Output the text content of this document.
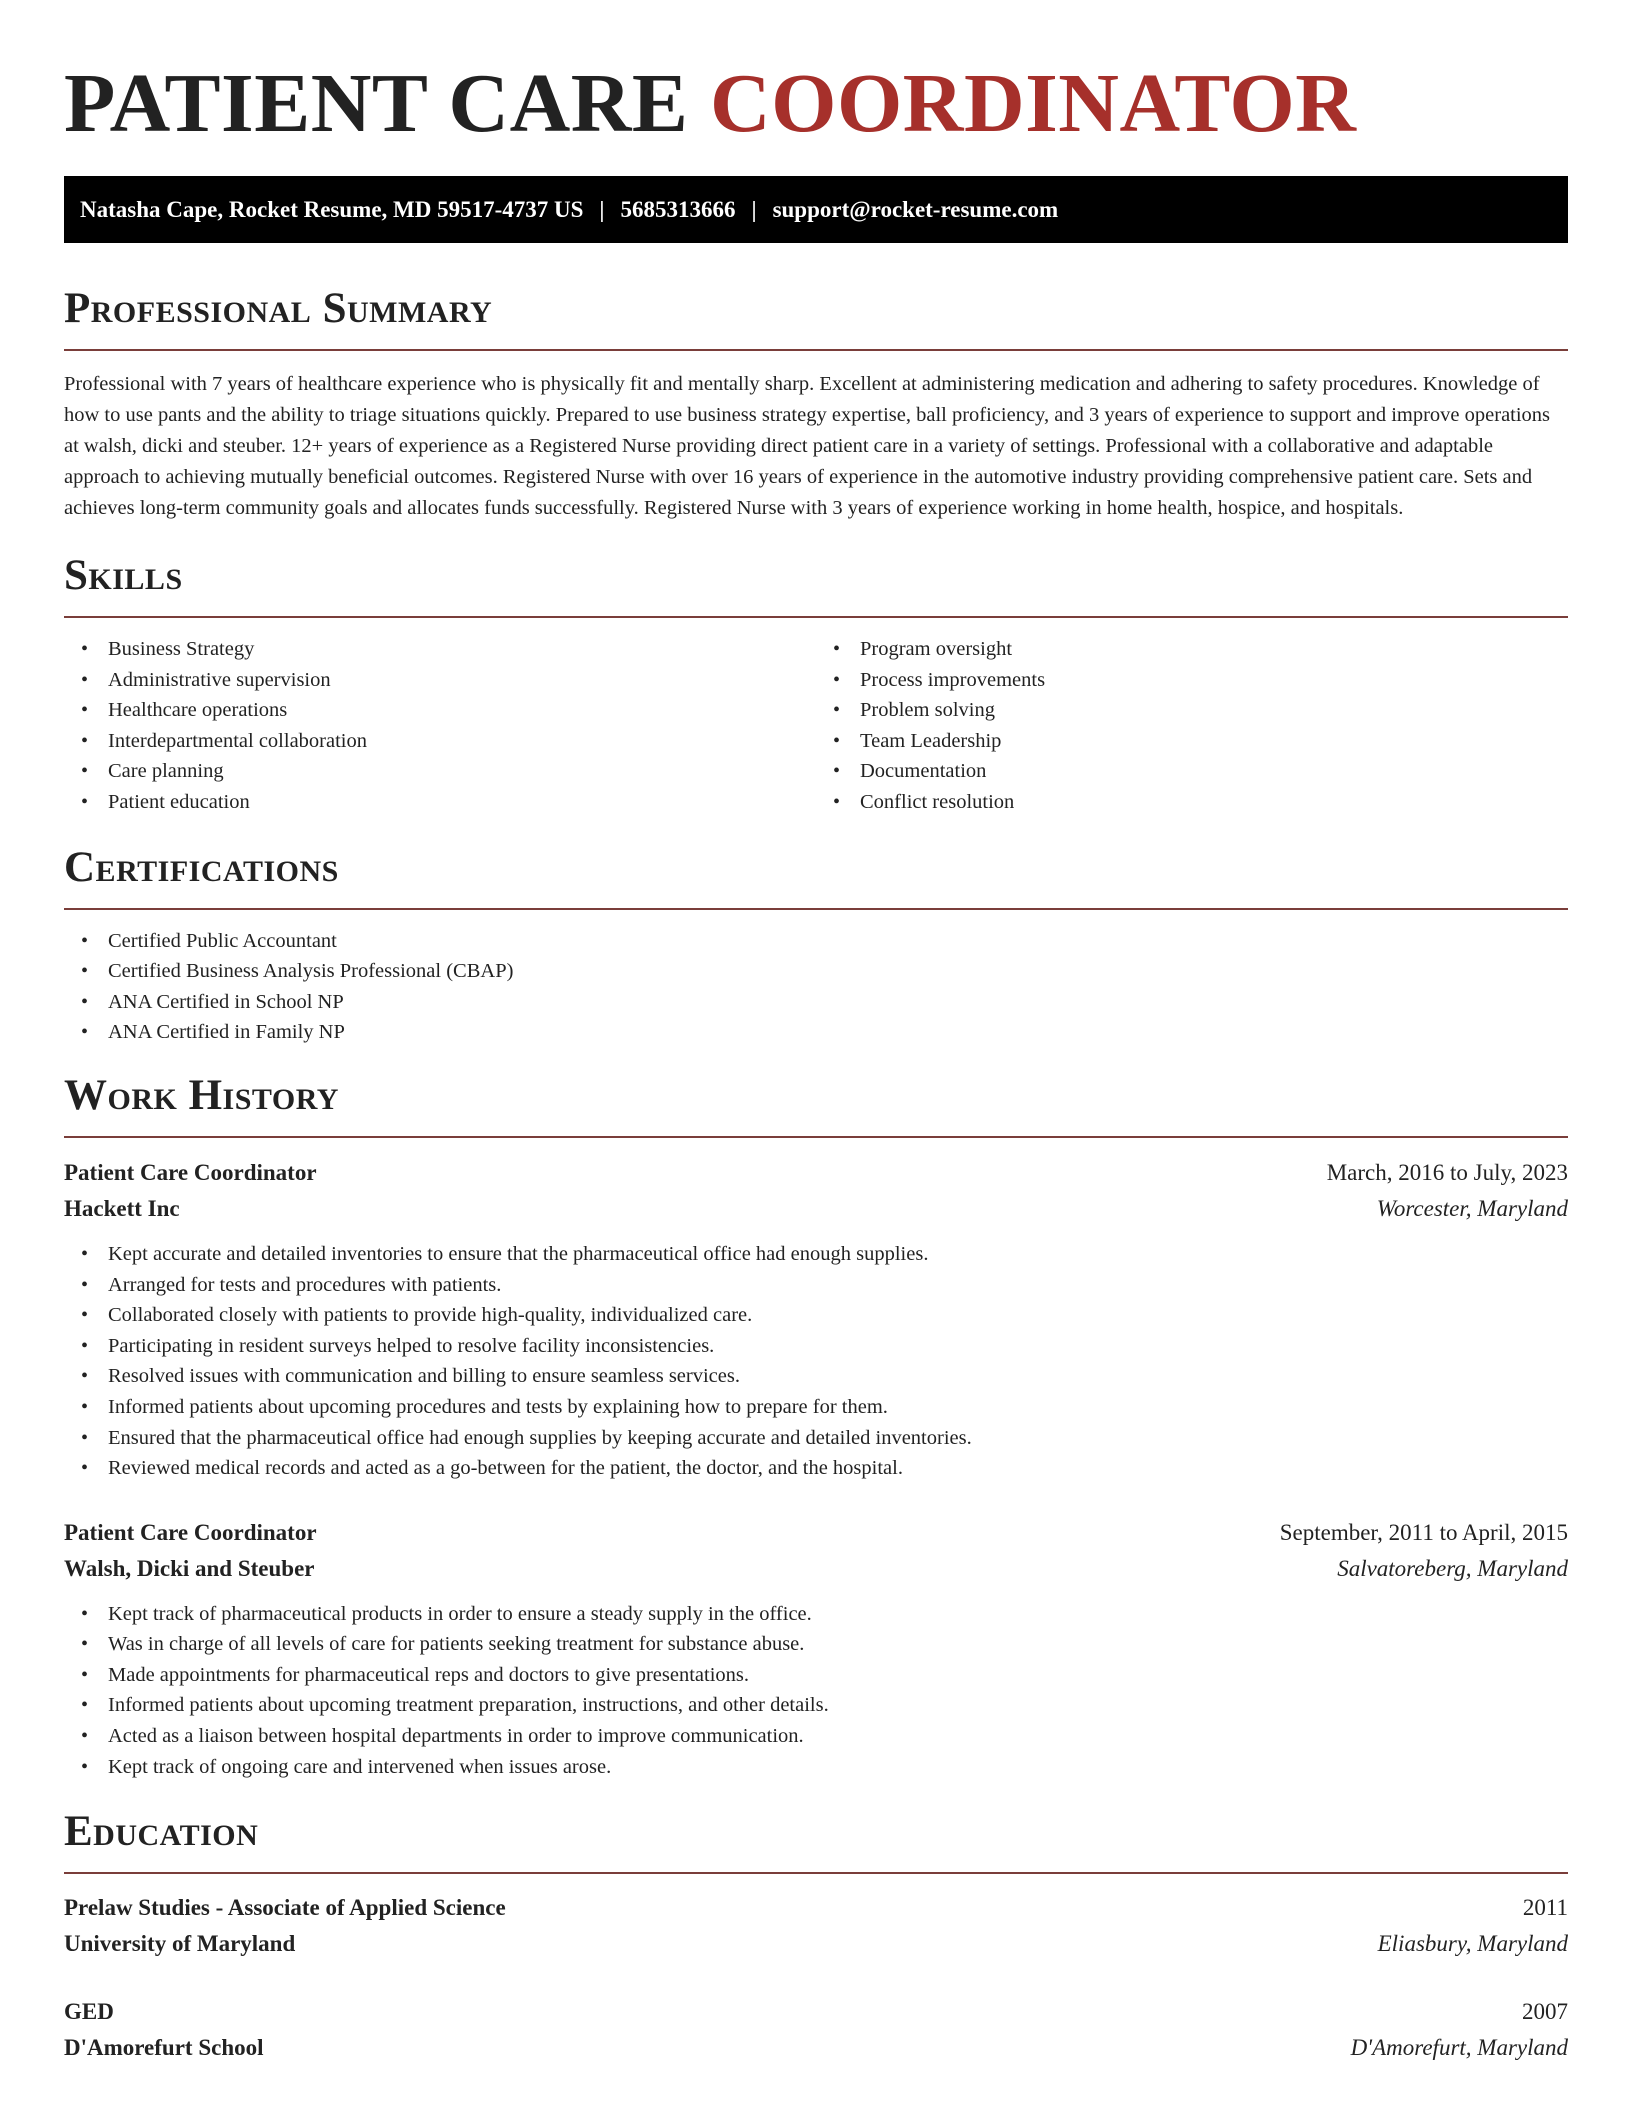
PATIENT CARE COORDINATOR
Natasha Cape, Rocket Resume, MD 59517-4737 US | 5685313666 | support@rocket-resume.com
Professional Summary

Professional with 7 years of healthcare experience who is physically fit and mentally sharp. Excellent at administering medication and adhering to safety procedures. Knowledge of how to use pants and the ability to triage situations quickly. Prepared to use business strategy expertise, ball proficiency, and 3 years of experience to support and improve operations at walsh, dicki and steuber. 12+ years of experience as a Registered Nurse providing direct patient care in a variety of settings. Professional with a collaborative and adaptable approach to achieving mutually beneficial outcomes. Registered Nurse with over 16 years of experience in the automotive industry providing comprehensive patient care. Sets and achieves long-term community goals and allocates funds successfully. Registered Nurse with 3 years of experience working in home health, hospice, and hospitals.

Skills
• Business Strategy
• Administrative supervision
• Healthcare operations
• Interdepartmental collaboration
• Care planning
• Patient education
• Program oversight
• Process improvements
• Problem solving
• Team Leadership
• Documentation
• Conflict resolution
Certifications
• Certified Public Accountant
• Certified Business Analysis Professional (CBAP)
• ANA Certified in School NP
• ANA Certified in Family NP
Work History
Patient Care Coordinator	March, 2016 to July, 2023
Hackett Inc	Worcester, Maryland
• Kept accurate and detailed inventories to ensure that the pharmaceutical office had enough supplies.
• Arranged for tests and procedures with patients.
• Collaborated closely with patients to provide high-quality, individualized care.
• Participating in resident surveys helped to resolve facility inconsistencies.
• Resolved issues with communication and billing to ensure seamless services.
• Informed patients about upcoming procedures and tests by explaining how to prepare for them.
• Ensured that the pharmaceutical office had enough supplies by keeping accurate and detailed inventories.
• Reviewed medical records and acted as a go-between for the patient, the doctor, and the hospital.
Patient Care Coordinator	September, 2011 to April, 2015
Walsh, Dicki and Steuber	Salvatoreberg, Maryland
• Kept track of pharmaceutical products in order to ensure a steady supply in the office.
• Was in charge of all levels of care for patients seeking treatment for substance abuse.
• Made appointments for pharmaceutical reps and doctors to give presentations.
• Informed patients about upcoming treatment preparation, instructions, and other details.
• Acted as a liaison between hospital departments in order to improve communication.
• Kept track of ongoing care and intervened when issues arose.
Education
Prelaw Studies - Associate of Applied Science	2011
University of Maryland	Eliasbury, Maryland
GED	2007
D'Amorefurt School	D'Amorefurt, Maryland
